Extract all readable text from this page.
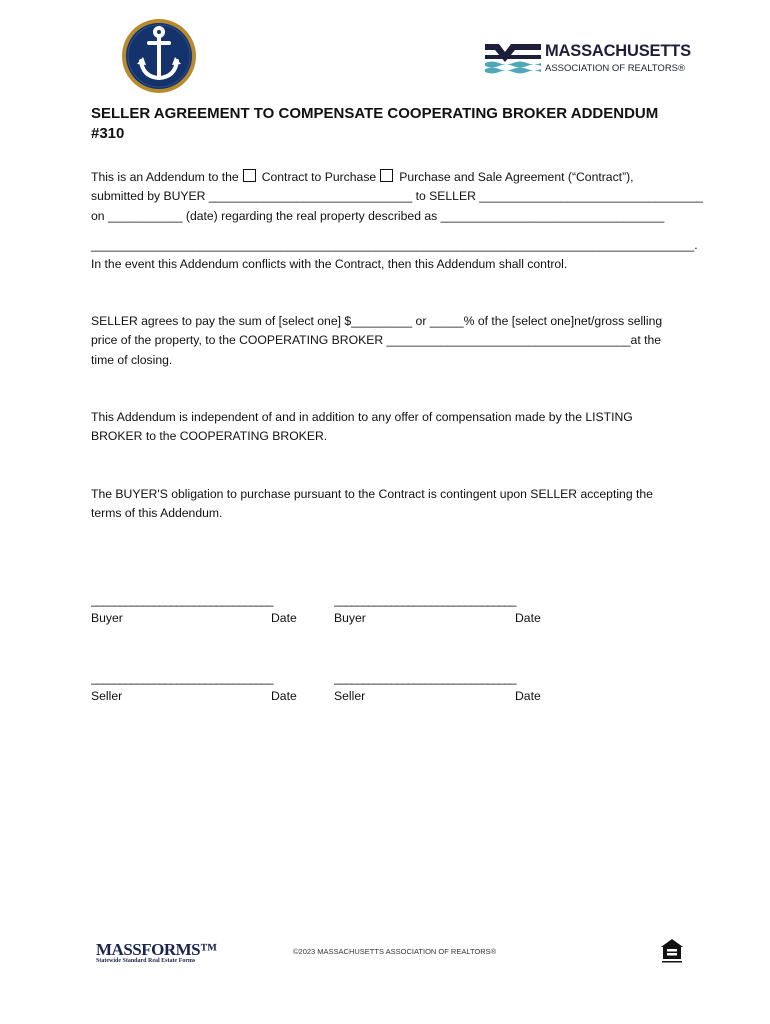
MASSACHUSETTS
ASSOCIATION OF REALTORS®
SELLER AGREEMENT TO COMPENSATE COOPERATING BROKER ADDENDUM #310
This is an Addendum to the Contract to Purchase Purchase and Sale Agreement (“Contract”),
submitted by BUYER ______________________________ to SELLER _________________________________
on ___________ (date) regarding the real property described as _________________________________
_________________________________________________________________________________________.
In the event this Addendum conflicts with the Contract, then this Addendum shall control.
SELLER agrees to pay the sum of [select one] $_________ or _____% of the [select one]net/gross selling
price of the property, to the COOPERATING BROKER ____________________________________at the
time of closing.
This Addendum is independent of and in addition to any offer of compensation made by the LISTING
BROKER to the COOPERATING BROKER.
The BUYER'S obligation to purchase pursuant to the Contract is contingent upon SELLER accepting the
terms of this Addendum.
________________________________
Buyer	Date
________________________________
Buyer	Date
________________________________
Seller	Date
________________________________
Seller	Date
MASSFORMS™
Statewide Standard Real Estate Forms
©2023 MASSACHUSETTS ASSOCIATION OF REALTORS®
